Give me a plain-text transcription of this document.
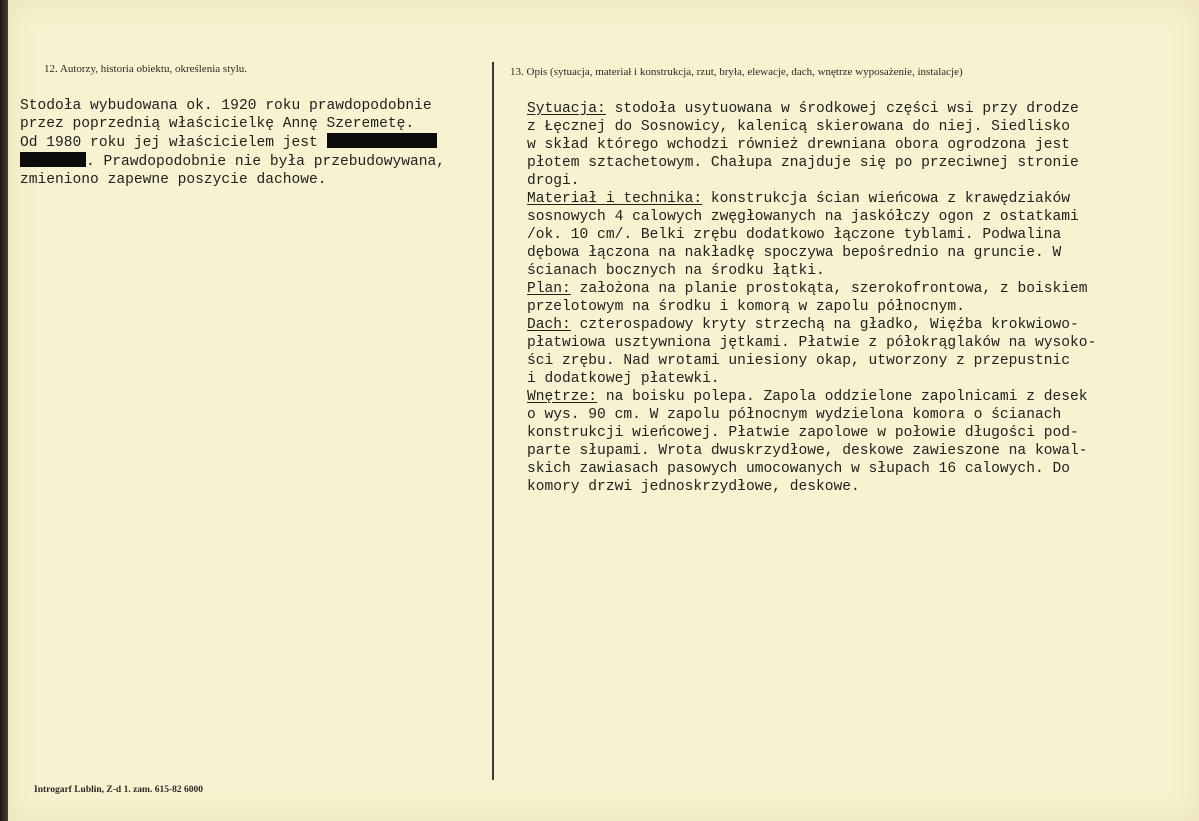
12. Autorzy, historia obiektu, określenia stylu.	13. Opis (sytuacja, materiał i konstrukcja, rzut, bryła, elewacje, dach, wnętrze wyposażenie, instalacje)
Stodoła wybudowana ok. 1920 roku prawdopodobnie
przez poprzednią właścicielkę Annę Szeremetę.
Od 1980 roku jej właścicielem jest
. Prawdopodobnie nie była przebudowywana,
zmieniono zapewne poszycie dachowe.
Sytuacja: stodoła usytuowana w środkowej części wsi przy drodze
z Łęcznej do Sosnowicy, kalenicą skierowana do niej. Siedlisko
w skład którego wchodzi również drewniana obora ogrodzona jest
płotem sztachetowym. Chałupa znajduje się po przeciwnej stronie
drogi.
Materiał i technika: konstrukcja ścian wieńcowa z krawędziaków
sosnowych 4 calowych zwęgłowanych na jaskółczy ogon z ostatkami
/ok. 10 cm/. Belki zrębu dodatkowo łączone tyblami. Podwalina
dębowa łączona na nakładkę spoczywa bepośrednio na gruncie. W
ścianach bocznych na środku łątki.
Plan: założona na planie prostokąta, szerokofrontowa, z boiskiem
przelotowym na środku i komorą w zapolu północnym.
Dach: czterospadowy kryty strzechą na gładko, Więźba krokwiowo-
płatwiowa usztywniona jętkami. Płatwie z półokrąglaków na wysoko-
ści zrębu. Nad wrotami uniesiony okap, utworzony z przepustnic
i dodatkowej płatewki.
Wnętrze: na boisku polepa. Zapola oddzielone zapolnicami z desek
o wys. 90 cm. W zapolu północnym wydzielona komora o ścianach
konstrukcji wieńcowej. Płatwie zapolowe w połowie długości pod-
parte słupami. Wrota dwuskrzydłowe, deskowe zawieszone na kowal-
skich zawiasach pasowych umocowanych w słupach 16 calowych. Do
komory drzwi jednoskrzydłowe, deskowe.
Introgarf Lublin, Z-d 1. zam. 615-82 6000
